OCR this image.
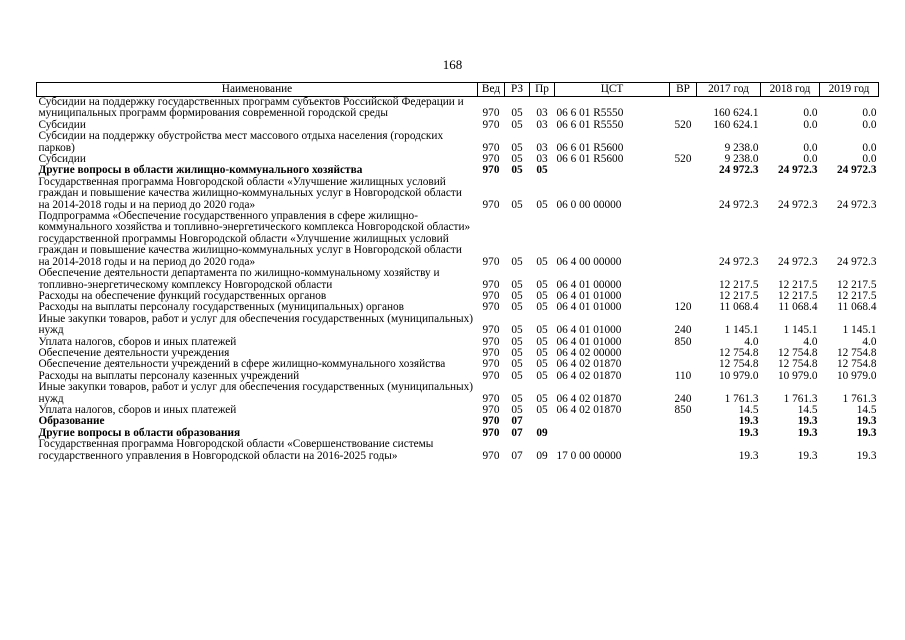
168
Наименование	Вед	РЗ	Пр	ЦСТ	ВР	2017 год	2018 год	2019 год
Субсидии на поддержку государственных программ субъектов Российской Федерации и муниципальных программ формирования современной городской среды	970	05	03	06 6 01 R5550		160 624.1	0.0	0.0
Субсидии	970	05	03	06 6 01 R5550	520	160 624.1	0.0	0.0
Субсидии на поддержку обустройства мест массового отдыха населения (городских парков)	970	05	03	06 6 01 R5600		9 238.0	0.0	0.0
Субсидии	970	05	03	06 6 01 R5600	520	9 238.0	0.0	0.0
Другие вопросы в области жилищно-коммунального хозяйства	970	05	05			24 972.3	24 972.3	24 972.3
Государственная программа Новгородской области «Улучшение жилищных условий граждан и повышение качества жилищно-коммунальных услуг в Новгородской области на 2014-2018 годы и на период до 2020 года»	970	05	05	06 0 00 00000		24 972.3	24 972.3	24 972.3
Подпрограмма «Обеспечение государственного управления в сфере жилищно-коммунального хозяйства и топливно-энергетического комплекса Новгородской области» государственной программы Новгородской области «Улучшение жилищных условий граждан и повышение качества жилищно-коммунальных услуг в Новгородской области на 2014-2018 годы и на период до 2020 года»	970	05	05	06 4 00 00000		24 972.3	24 972.3	24 972.3
Обеспечение деятельности департамента по жилищно-коммунальному хозяйству и топливно-энергетическому комплексу Новгородской области	970	05	05	06 4 01 00000		12 217.5	12 217.5	12 217.5
Расходы на обеспечение функций государственных органов	970	05	05	06 4 01 01000		12 217.5	12 217.5	12 217.5
Расходы на выплаты персоналу государственных (муниципальных) органов	970	05	05	06 4 01 01000	120	11 068.4	11 068.4	11 068.4
Иные закупки товаров, работ и услуг для обеспечения государственных (муниципальных) нужд	970	05	05	06 4 01 01000	240	1 145.1	1 145.1	1 145.1
Уплата налогов, сборов и иных платежей	970	05	05	06 4 01 01000	850	4.0	4.0	4.0
Обеспечение деятельности учреждения	970	05	05	06 4 02 00000		12 754.8	12 754.8	12 754.8
Обеспечение деятельности учреждений в сфере жилищно-коммунального хозяйства	970	05	05	06 4 02 01870		12 754.8	12 754.8	12 754.8
Расходы на выплаты персоналу казенных учреждений	970	05	05	06 4 02 01870	110	10 979.0	10 979.0	10 979.0
Иные закупки товаров, работ и услуг для обеспечения государственных (муниципальных) нужд	970	05	05	06 4 02 01870	240	1 761.3	1 761.3	1 761.3
Уплата налогов, сборов и иных платежей	970	05	05	06 4 02 01870	850	14.5	14.5	14.5
Образование	970	07				19.3	19.3	19.3
Другие вопросы в области образования	970	07	09			19.3	19.3	19.3
Государственная программа Новгородской области «Совершенствование системы государственного управления в Новгородской области на 2016-2025 годы»	970	07	09	17 0 00 00000		19.3	19.3	19.3
